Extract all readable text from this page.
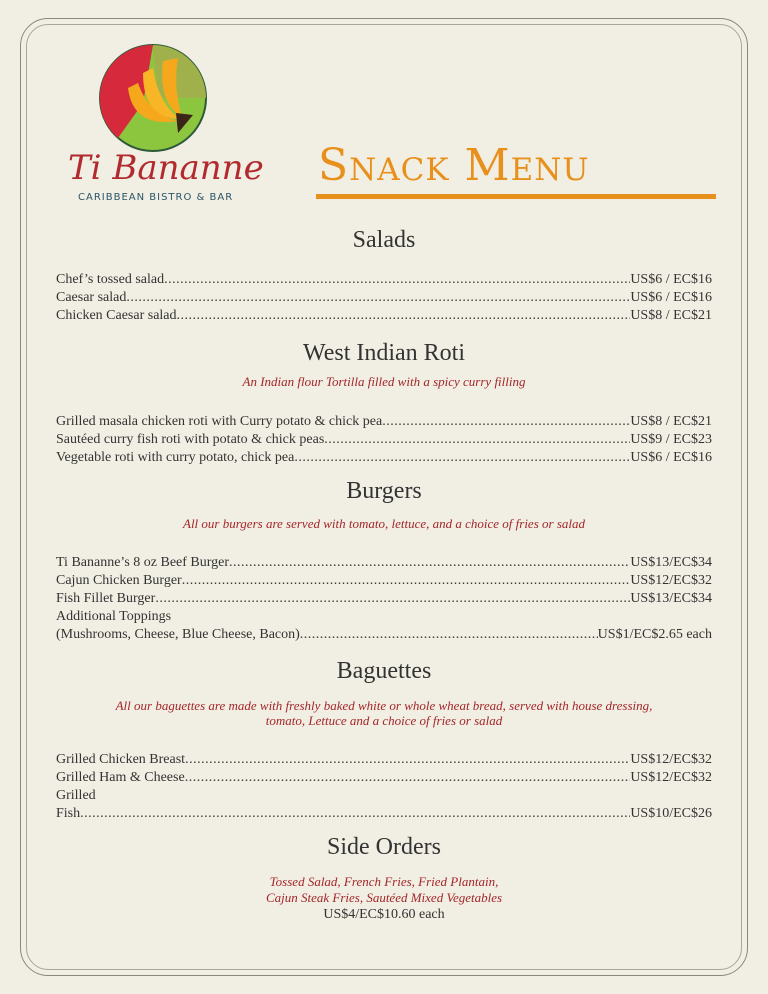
Ti Bananne
CARIBBEAN BISTRO & BAR
Snack Menu
Salads
Chef’s tossed salad .....	US$6 / EC$16
Caesar salad .....	US$6 / EC$16
Chicken Caesar salad .....	US$8 / EC$21
West Indian Roti
An Indian flour Tortilla filled with a spicy curry filling
Grilled masala chicken roti with Curry potato & chick pea .....	US$8 / EC$21
Sautéed curry fish roti with potato & chick peas .....	US$9 / EC$23
Vegetable roti with curry potato, chick pea .....	US$6 / EC$16
Burgers
All our burgers are served with tomato, lettuce, and a choice of fries or salad
Ti Bananne’s 8 oz Beef Burger .....	US$13/EC$34
Cajun Chicken Burger .....	US$12/EC$32
Fish Fillet Burger .....	US$13/EC$34
Additional Toppings
(Mushrooms, Cheese, Blue Cheese, Bacon) .....	US$1/EC$2.65 each
Baguettes
All our baguettes are made with freshly baked white or whole wheat bread, served with house dressing,
tomato, Lettuce and a choice of fries or salad
Grilled Chicken Breast .....	US$12/EC$32
Grilled Ham & Cheese .....	US$12/EC$32
Grilled
Fish .....	US$10/EC$26
Side Orders
Tossed Salad, French Fries, Fried Plantain,
Cajun Steak Fries, Sautéed Mixed Vegetables
US$4/EC$10.60 each
